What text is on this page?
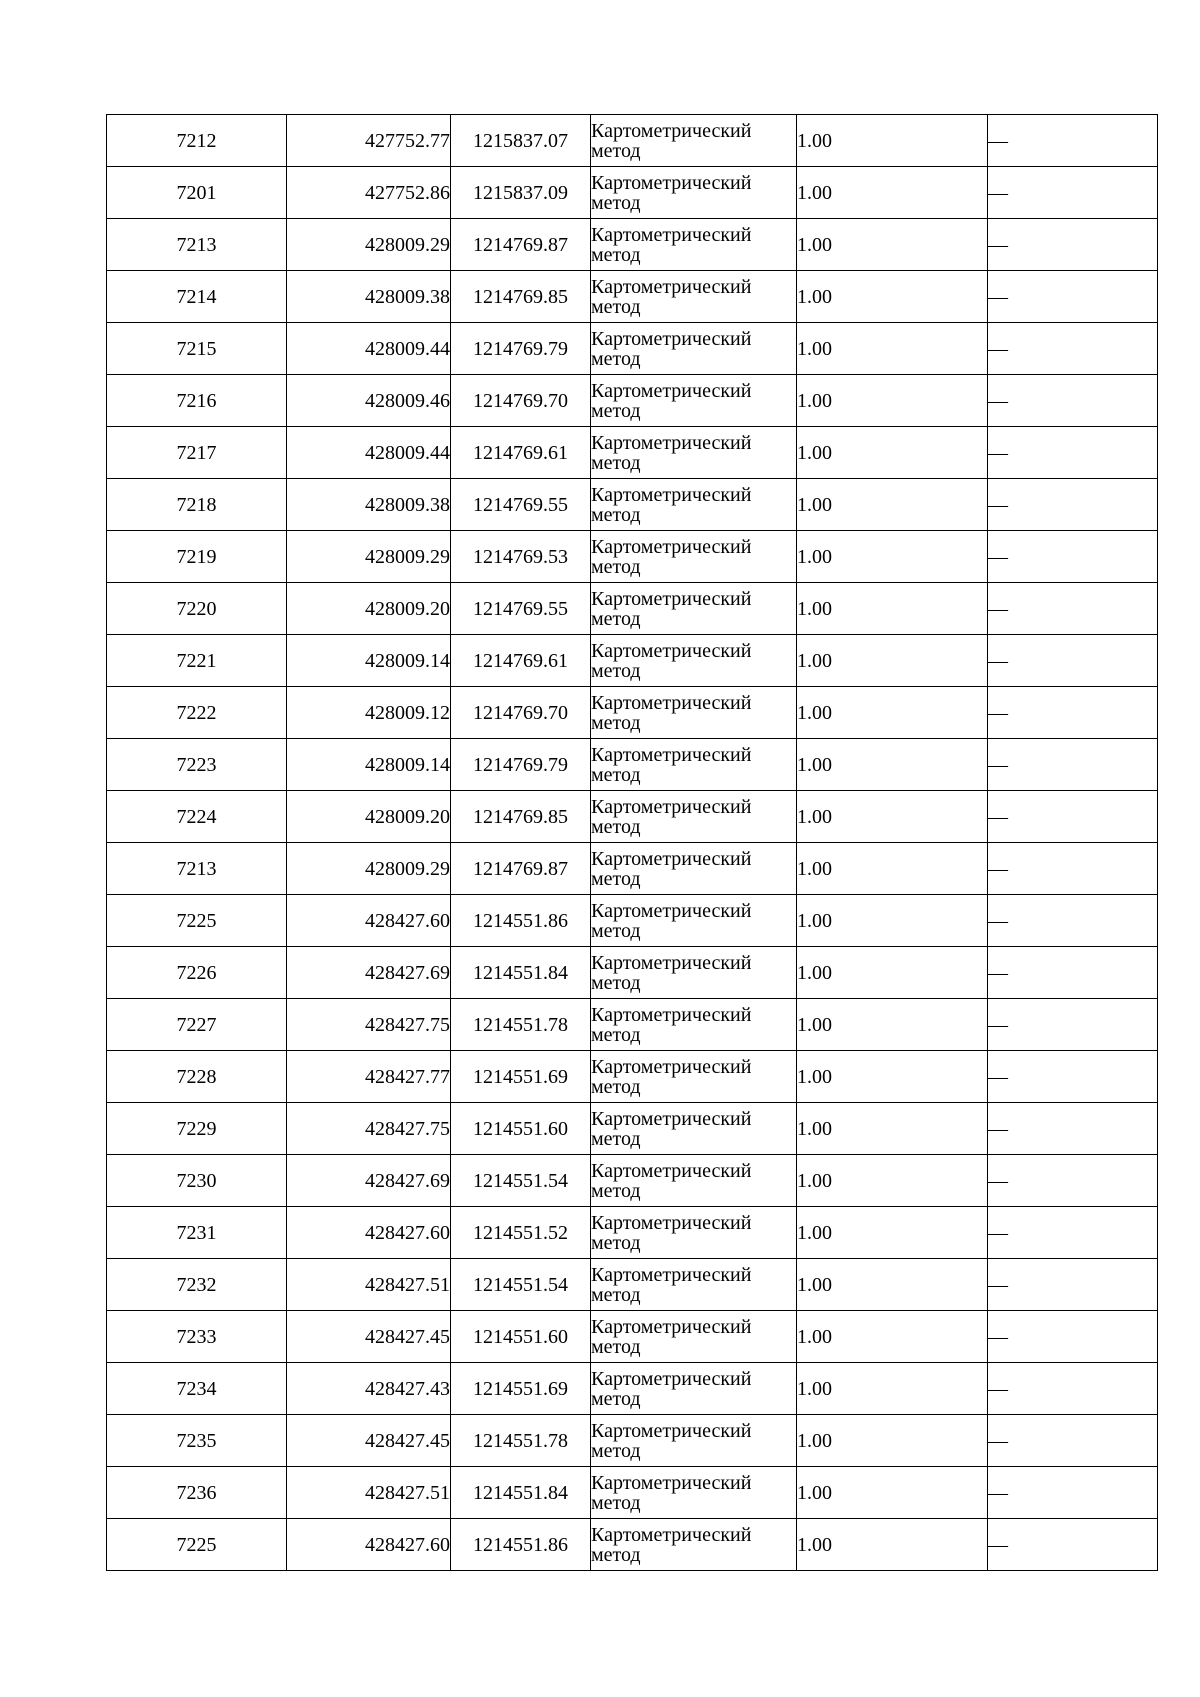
7212	427752.77	1215837.07	Картометрический метод	1.00	—
7201	427752.86	1215837.09	Картометрический метод	1.00	—
7213	428009.29	1214769.87	Картометрический метод	1.00	—
7214	428009.38	1214769.85	Картометрический метод	1.00	—
7215	428009.44	1214769.79	Картометрический метод	1.00	—
7216	428009.46	1214769.70	Картометрический метод	1.00	—
7217	428009.44	1214769.61	Картометрический метод	1.00	—
7218	428009.38	1214769.55	Картометрический метод	1.00	—
7219	428009.29	1214769.53	Картометрический метод	1.00	—
7220	428009.20	1214769.55	Картометрический метод	1.00	—
7221	428009.14	1214769.61	Картометрический метод	1.00	—
7222	428009.12	1214769.70	Картометрический метод	1.00	—
7223	428009.14	1214769.79	Картометрический метод	1.00	—
7224	428009.20	1214769.85	Картометрический метод	1.00	—
7213	428009.29	1214769.87	Картометрический метод	1.00	—
7225	428427.60	1214551.86	Картометрический метод	1.00	—
7226	428427.69	1214551.84	Картометрический метод	1.00	—
7227	428427.75	1214551.78	Картометрический метод	1.00	—
7228	428427.77	1214551.69	Картометрический метод	1.00	—
7229	428427.75	1214551.60	Картометрический метод	1.00	—
7230	428427.69	1214551.54	Картометрический метод	1.00	—
7231	428427.60	1214551.52	Картометрический метод	1.00	—
7232	428427.51	1214551.54	Картометрический метод	1.00	—
7233	428427.45	1214551.60	Картометрический метод	1.00	—
7234	428427.43	1214551.69	Картометрический метод	1.00	—
7235	428427.45	1214551.78	Картометрический метод	1.00	—
7236	428427.51	1214551.84	Картометрический метод	1.00	—
7225	428427.60	1214551.86	Картометрический метод	1.00	—
